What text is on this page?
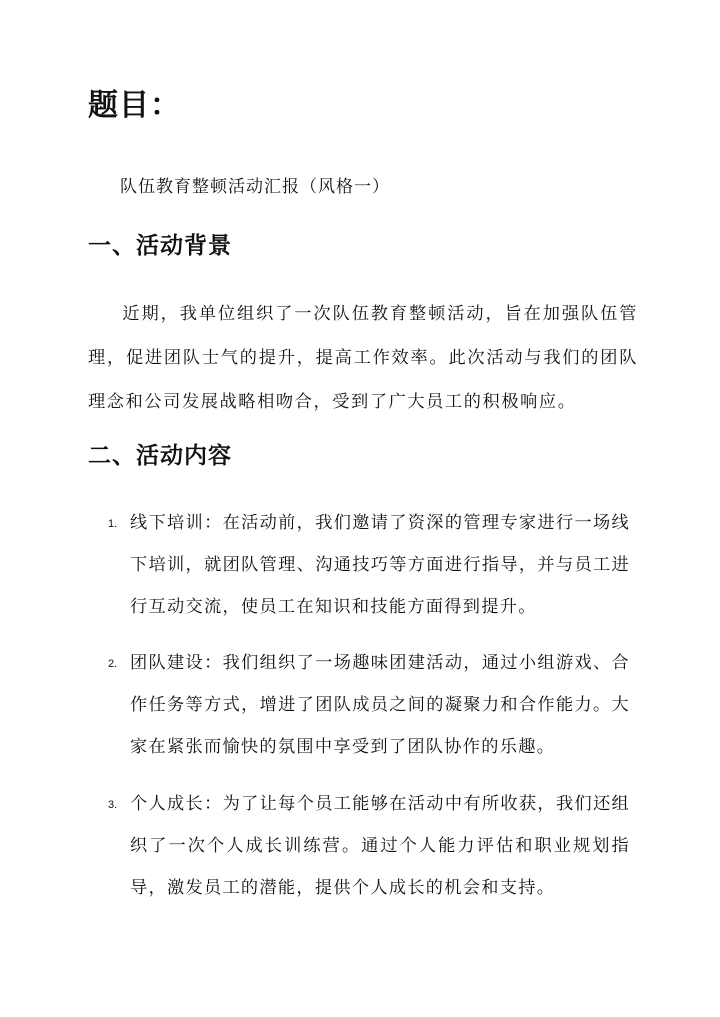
题目：
队伍教育整顿活动汇报（风格一）
一、活动背景
近期，我单位组织了一次队伍教育整顿活动，旨在加强队伍管理，促进团队士气的提升，提高工作效率。此次活动与我们的团队理念和公司发展战略相吻合，受到了广大员工的积极响应。
二、活动内容
1. 线下培训：在活动前，我们邀请了资深的管理专家进行一场线下培训，就团队管理、沟通技巧等方面进行指导，并与员工进行互动交流，使员工在知识和技能方面得到提升。
2. 团队建设：我们组织了一场趣味团建活动，通过小组游戏、合作任务等方式，增进了团队成员之间的凝聚力和合作能力。大家在紧张而愉快的氛围中享受到了团队协作的乐趣。
3. 个人成长：为了让每个员工能够在活动中有所收获，我们还组织了一次个人成长训练营。通过个人能力评估和职业规划指导，激发员工的潜能，提供个人成长的机会和支持。
